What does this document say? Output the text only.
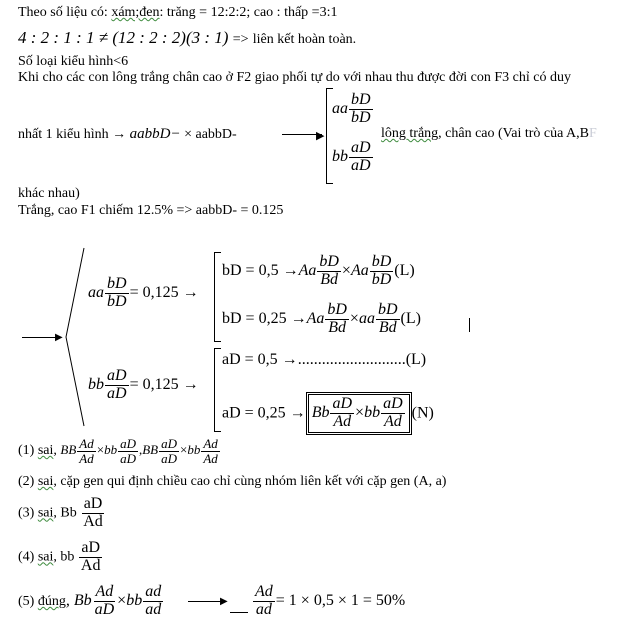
Theo số liệu có: xám;đen: trăng = 12:2:2; cao : thấp =3:1
4 : 2 : 1 : 1 ≠ (12 : 2 : 2)(3 : 1) => liên kết hoàn toàn.
Số loại kiểu hình<6
Khi cho các con lông trắng chân cao ở F2 giao phối tự do với nhau thu được đời con F3 chỉ có duy
nhất 1 kiểu hình → aabbD− × aabbD-	▶
aa $\frac{bD}{bD}$
bb $\frac{aD}{aD}$
lông trắng, chân cao (Vai trò của A,BF
khác nhau)
Trắng, cao F1 chiếm 12.5% => aabbD- = 0.125
▶
aa $\frac{bD}{bD} = 0,125$ →
bD = $0,5 \to Aa \frac{bD}{Bd} \times Aa \frac{bD}{bD} (L)$
bD = $0,25 \to Aa \frac{bD}{Bd} \times aa \frac{bD}{Bd} (L)$
bb $\frac{aD}{aD} = 0,125$ →
aD = 0,5 →...........................(L)
aD = 0,25 → Bb $\frac{aD}{Ad}$ × bb $\frac{aD}{Ad} (N)$
(1) sai, BB $\frac{Ad}{Ad} \times bb \frac{aD}{aD} ,BB \frac{aD}{aD} \times bb \frac{Ad}{Ad}$
(2) sai, cặp gen qui định chiều cao chỉ cùng nhóm liên kết với cặp gen (A, a)
(3) sai, Bb $\frac{aD}{Ad}$
(4) sai, bb $\frac{aD}{Ad}$
(5) đúng, Bb $\frac{Ad}{aD} \times bb \frac{ad}{ad}$	▶ $\frac{Ad}{ad} = 1 \times 0,5 \times 1 = 50\%$
